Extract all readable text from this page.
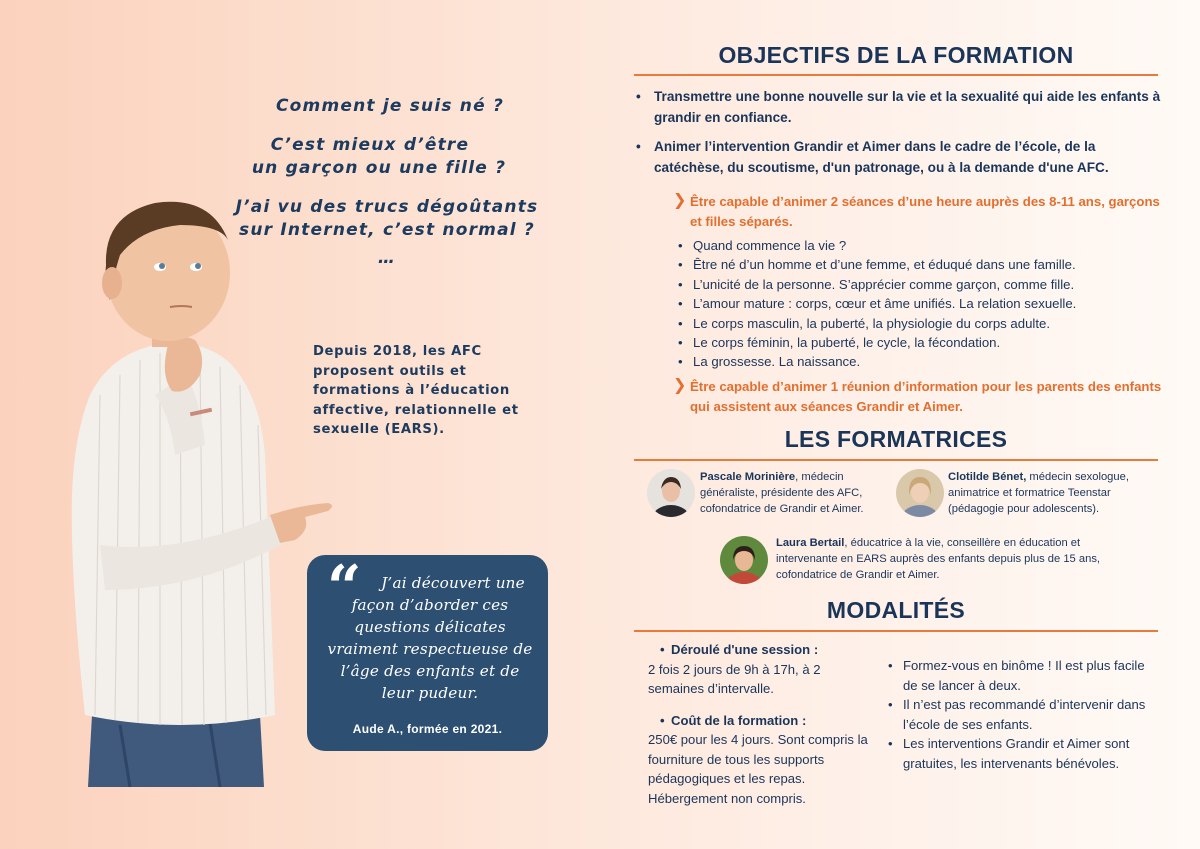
Comment je suis né ?
C’est mieux d’être
un garçon ou une fille ?
J’ai vu des trucs dégoûtants
sur Internet, c’est normal ?
…
Depuis 2018, les AFC proposent outils et formations à l’éducation affective, relationnelle et sexuelle (EARS).
“	J’ai découvert une façon d’aborder ces questions délicates vraiment respectueuse de l’âge des enfants et de leur pudeur.
Aude A., formée en 2021.
OBJECTIFS DE LA FORMATION
• Transmettre une bonne nouvelle sur la vie et la sexualité qui aide les enfants à grandir en confiance.
• Animer l’intervention Grandir et Aimer dans le cadre de l’école, de la catéchèse, du scoutisme, d'un patronage, ou à la demande d'une AFC.
❯ Être capable d’animer 2 séances d’une heure auprès des 8-11 ans, garçons et filles séparés.
• Quand commence la vie ?
• Être né d’un homme et d’une femme, et éduqué dans une famille.
• L’unicité de la personne. S’apprécier comme garçon, comme fille.
• L’amour mature : corps, cœur et âme unifiés. La relation sexuelle.
• Le corps masculin, la puberté, la physiologie du corps adulte.
• Le corps féminin, la puberté, le cycle, la fécondation.
• La grossesse. La naissance.
❯ Être capable d’animer 1 réunion d’information pour les parents des enfants qui assistent aux séances Grandir et Aimer.
LES FORMATRICES
Pascale Morinière, médecin généraliste, présidente des AFC, cofondatrice de Grandir et Aimer.
Clotilde Bénet, médecin sexologue, animatrice et formatrice Teenstar (pédagogie pour adolescents).
Laura Bertail, éducatrice à la vie, conseillère en éducation et intervenante en EARS auprès des enfants depuis plus de 15 ans, cofondatrice de Grandir et Aimer.
MODALITÉS
• Déroulé d'une session :
2 fois 2 jours de 9h à 17h, à 2 semaines d’intervalle.
• Coût de la formation :
250€ pour les 4 jours. Sont compris la fourniture de tous les supports pédagogiques et les repas. Hébergement non compris.
• Formez-vous en binôme ! Il est plus facile de se lancer à deux.
• Il n’est pas recommandé d’intervenir dans l’école de ses enfants.
• Les interventions Grandir et Aimer sont gratuites, les intervenants bénévoles.
